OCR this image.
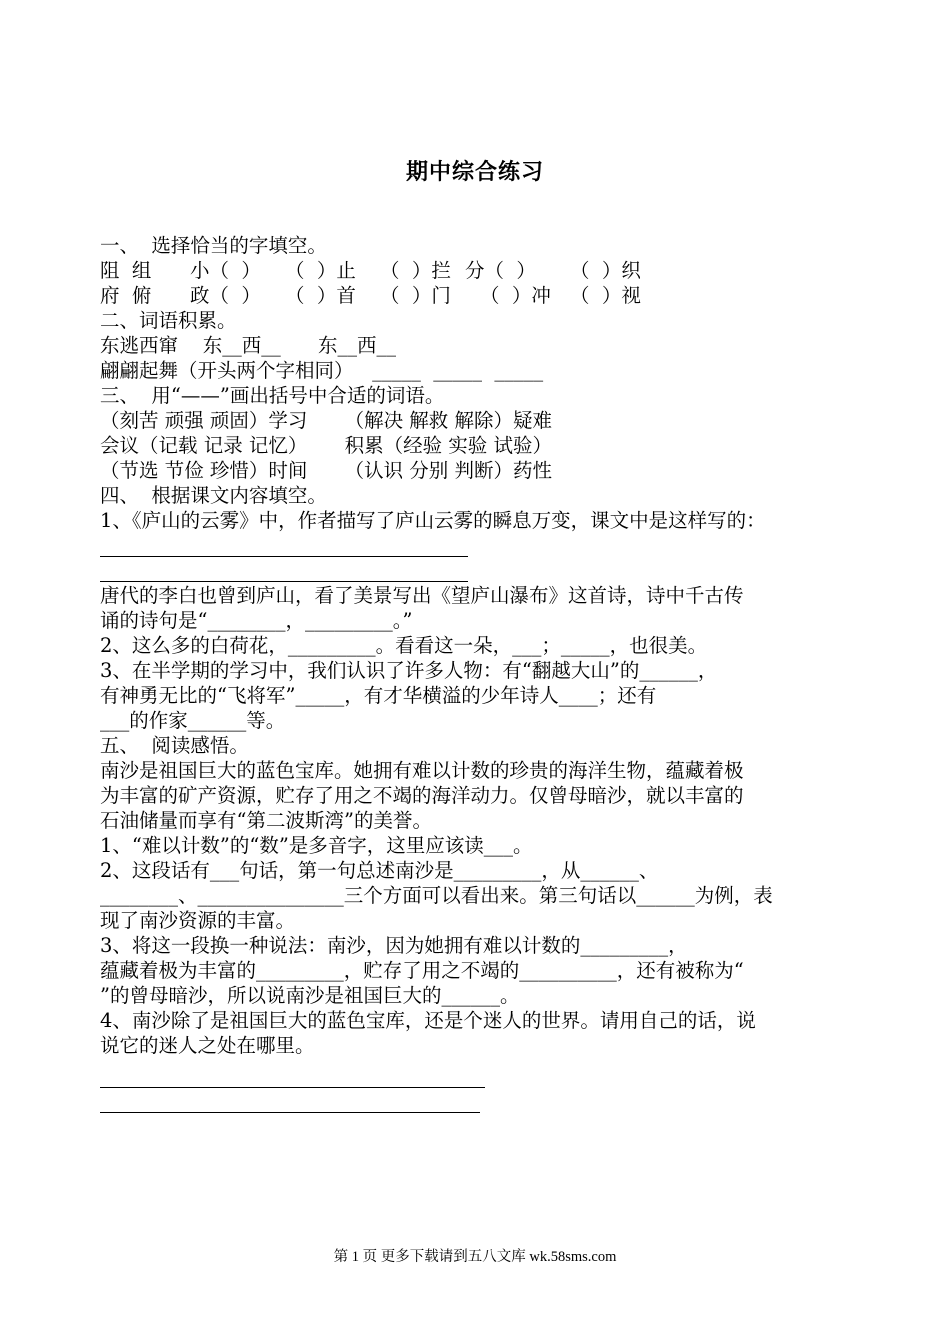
期中综合练习
一、  选择恰当的字填空。

阻  组

小（  ）

（  ）止

（  ）拦

分（  ）

（  ）织

府  俯

政（  ）

（  ）首

（  ）门

（  ）冲

（  ）视

二、词语积累。
东逃西窜    东__西__      东__西__
翩翩起舞（开头两个字相同）   _____  _____  _____
三、  用“——”画出括号中合适的词语。
（刻苦 顽强 顽固）学习      （解决 解救 解除）疑难
会议（记载 记录 记忆）      积累（经验 实验 试验）
（节选 节俭 珍惜）时间      （认识 分别 判断）药性
四、  根据课文内容填空。
1、《庐山的云雾》中，作者描写了庐山云雾的瞬息万变，课文中是这样写的：
唐代的李白也曾到庐山，看了美景写出《望庐山瀑布》这首诗，诗中千古传
诵的诗句是“________，_________。”
2、这么多的白荷花，_________。看看这一朵，___；_____，也很美。
3、在半学期的学习中，我们认识了许多人物：有“翻越大山”的______，
有神勇无比的“飞将军”_____，有才华横溢的少年诗人____；还有
___的作家______等。
五、  阅读感悟。
南沙是祖国巨大的蓝色宝库。她拥有难以计数的珍贵的海洋生物，蕴藏着极
为丰富的矿产资源，贮存了用之不竭的海洋动力。仅曾母暗沙，就以丰富的
石油储量而享有“第二波斯湾”的美誉。
1、“难以计数”的“数”是多音字，这里应该读___。
2、这段话有___句话，第一句总述南沙是_________，从______、
________、_______________三个方面可以看出来。第三句话以______为例，表
现了南沙资源的丰富。
3、将这一段换一种说法：南沙，因为她拥有难以计数的_________，
蕴藏着极为丰富的_________，贮存了用之不竭的__________，还有被称为“
”的曾母暗沙，所以说南沙是祖国巨大的______。
4、南沙除了是祖国巨大的蓝色宝库，还是个迷人的世界。请用自己的话，说
说它的迷人之处在哪里。
第 1 页 更多下载请到五八文库 wk.58sms.com
